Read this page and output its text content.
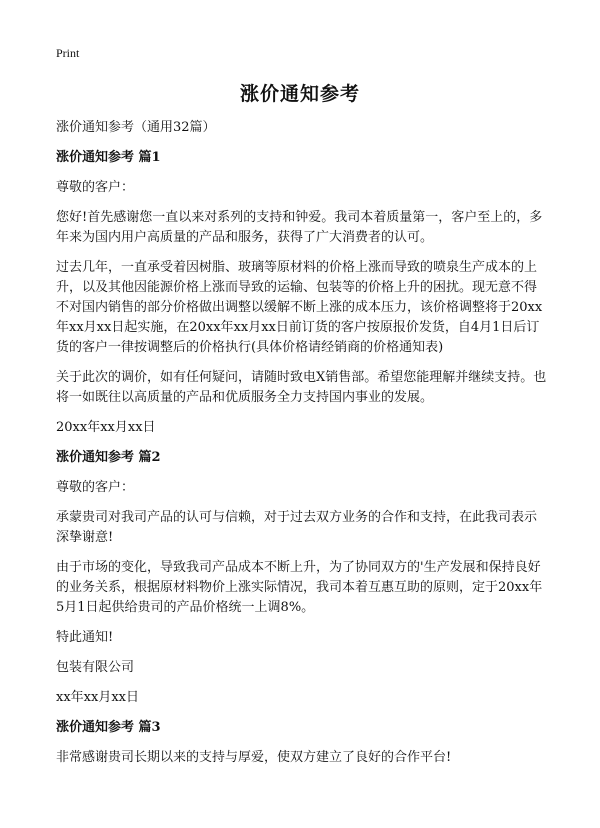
Print
涨价通知参考

涨价通知参考（通用32篇）

涨价通知参考 篇1

尊敬的客户：

您好!首先感谢您一直以来对系列的支持和钟爱。我司本着质量第一，客户至上的，多年来为国内用户高质量的产品和服务，获得了广大消费者的认可。

过去几年，一直承受着因树脂、玻璃等原材料的价格上涨而导致的喷泉生产成本的上升，以及其他因能源价格上涨而导致的运输、包装等的价格上升的困扰。现无意不得不对国内销售的部分价格做出调整以缓解不断上涨的成本压力，该价格调整将于20xx年xx月xx日起实施，在20xx年xx月xx日前订货的客户按原报价发货，自4月1日后订货的客户一律按调整后的价格执行(具体价格请经销商的价格通知表)

关于此次的调价，如有任何疑问，请随时致电X销售部。希望您能理解并继续支持。也将一如既往以高质量的产品和优质服务全力支持国内事业的发展。

20xx年xx月xx日

涨价通知参考 篇2

尊敬的客户：

承蒙贵司对我司产品的认可与信赖，对于过去双方业务的合作和支持，在此我司表示深挚谢意!

由于市场的变化，导致我司产品成本不断上升，为了协同双方的'生产发展和保持良好的业务关系，根据原材料物价上涨实际情况，我司本着互惠互助的原则，定于20xx年5月1日起供给贵司的产品价格统一上调8%。

特此通知!

包装有限公司

xx年xx月xx日

涨价通知参考 篇3

非常感谢贵司长期以来的支持与厚爱，使双方建立了良好的合作平台!
